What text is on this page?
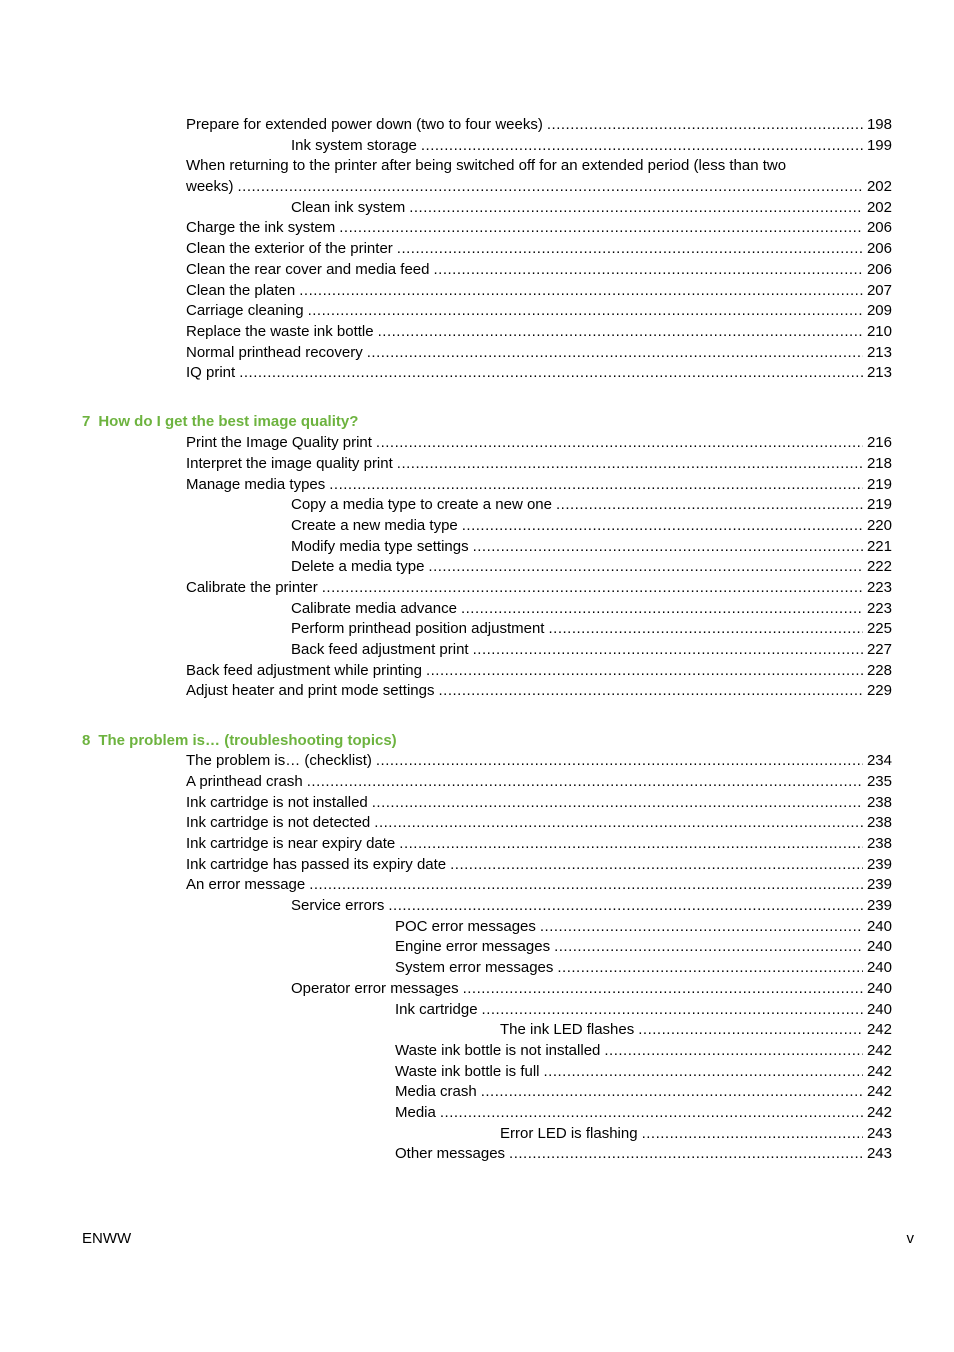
Prepare for extended power down (two to four weeks) .....	198
Ink system storage .....	199
When returning to the printer after being switched off for an extended period (less than two
weeks) .....	202
Clean ink system .....	202
Charge the ink system .....	206
Clean the exterior of the printer .....	206
Clean the rear cover and media feed .....	206
Clean the platen .....	207
Carriage cleaning .....	209
Replace the waste ink bottle .....	210
Normal printhead recovery .....	213
IQ print .....	213
7 How do I get the best image quality?
Print the Image Quality print .....	216
Interpret the image quality print .....	218
Manage media types .....	219
Copy a media type to create a new one .....	219
Create a new media type .....	220
Modify media type settings .....	221
Delete a media type .....	222
Calibrate the printer .....	223
Calibrate media advance .....	223
Perform printhead position adjustment .....	225
Back feed adjustment print .....	227
Back feed adjustment while printing .....	228
Adjust heater and print mode settings .....	229
8 The problem is… (troubleshooting topics)
The problem is… (checklist) .....	234
A printhead crash .....	235
Ink cartridge is not installed .....	238
Ink cartridge is not detected .....	238
Ink cartridge is near expiry date .....	238
Ink cartridge has passed its expiry date .....	239
An error message .....	239
Service errors .....	239
POC error messages .....	240
Engine error messages .....	240
System error messages .....	240
Operator error messages .....	240
Ink cartridge .....	240
The ink LED flashes .....	242
Waste ink bottle is not installed .....	242
Waste ink bottle is full .....	242
Media crash .....	242
Media .....	242
Error LED is flashing .....	243
Other messages .....	243
ENWW	v
